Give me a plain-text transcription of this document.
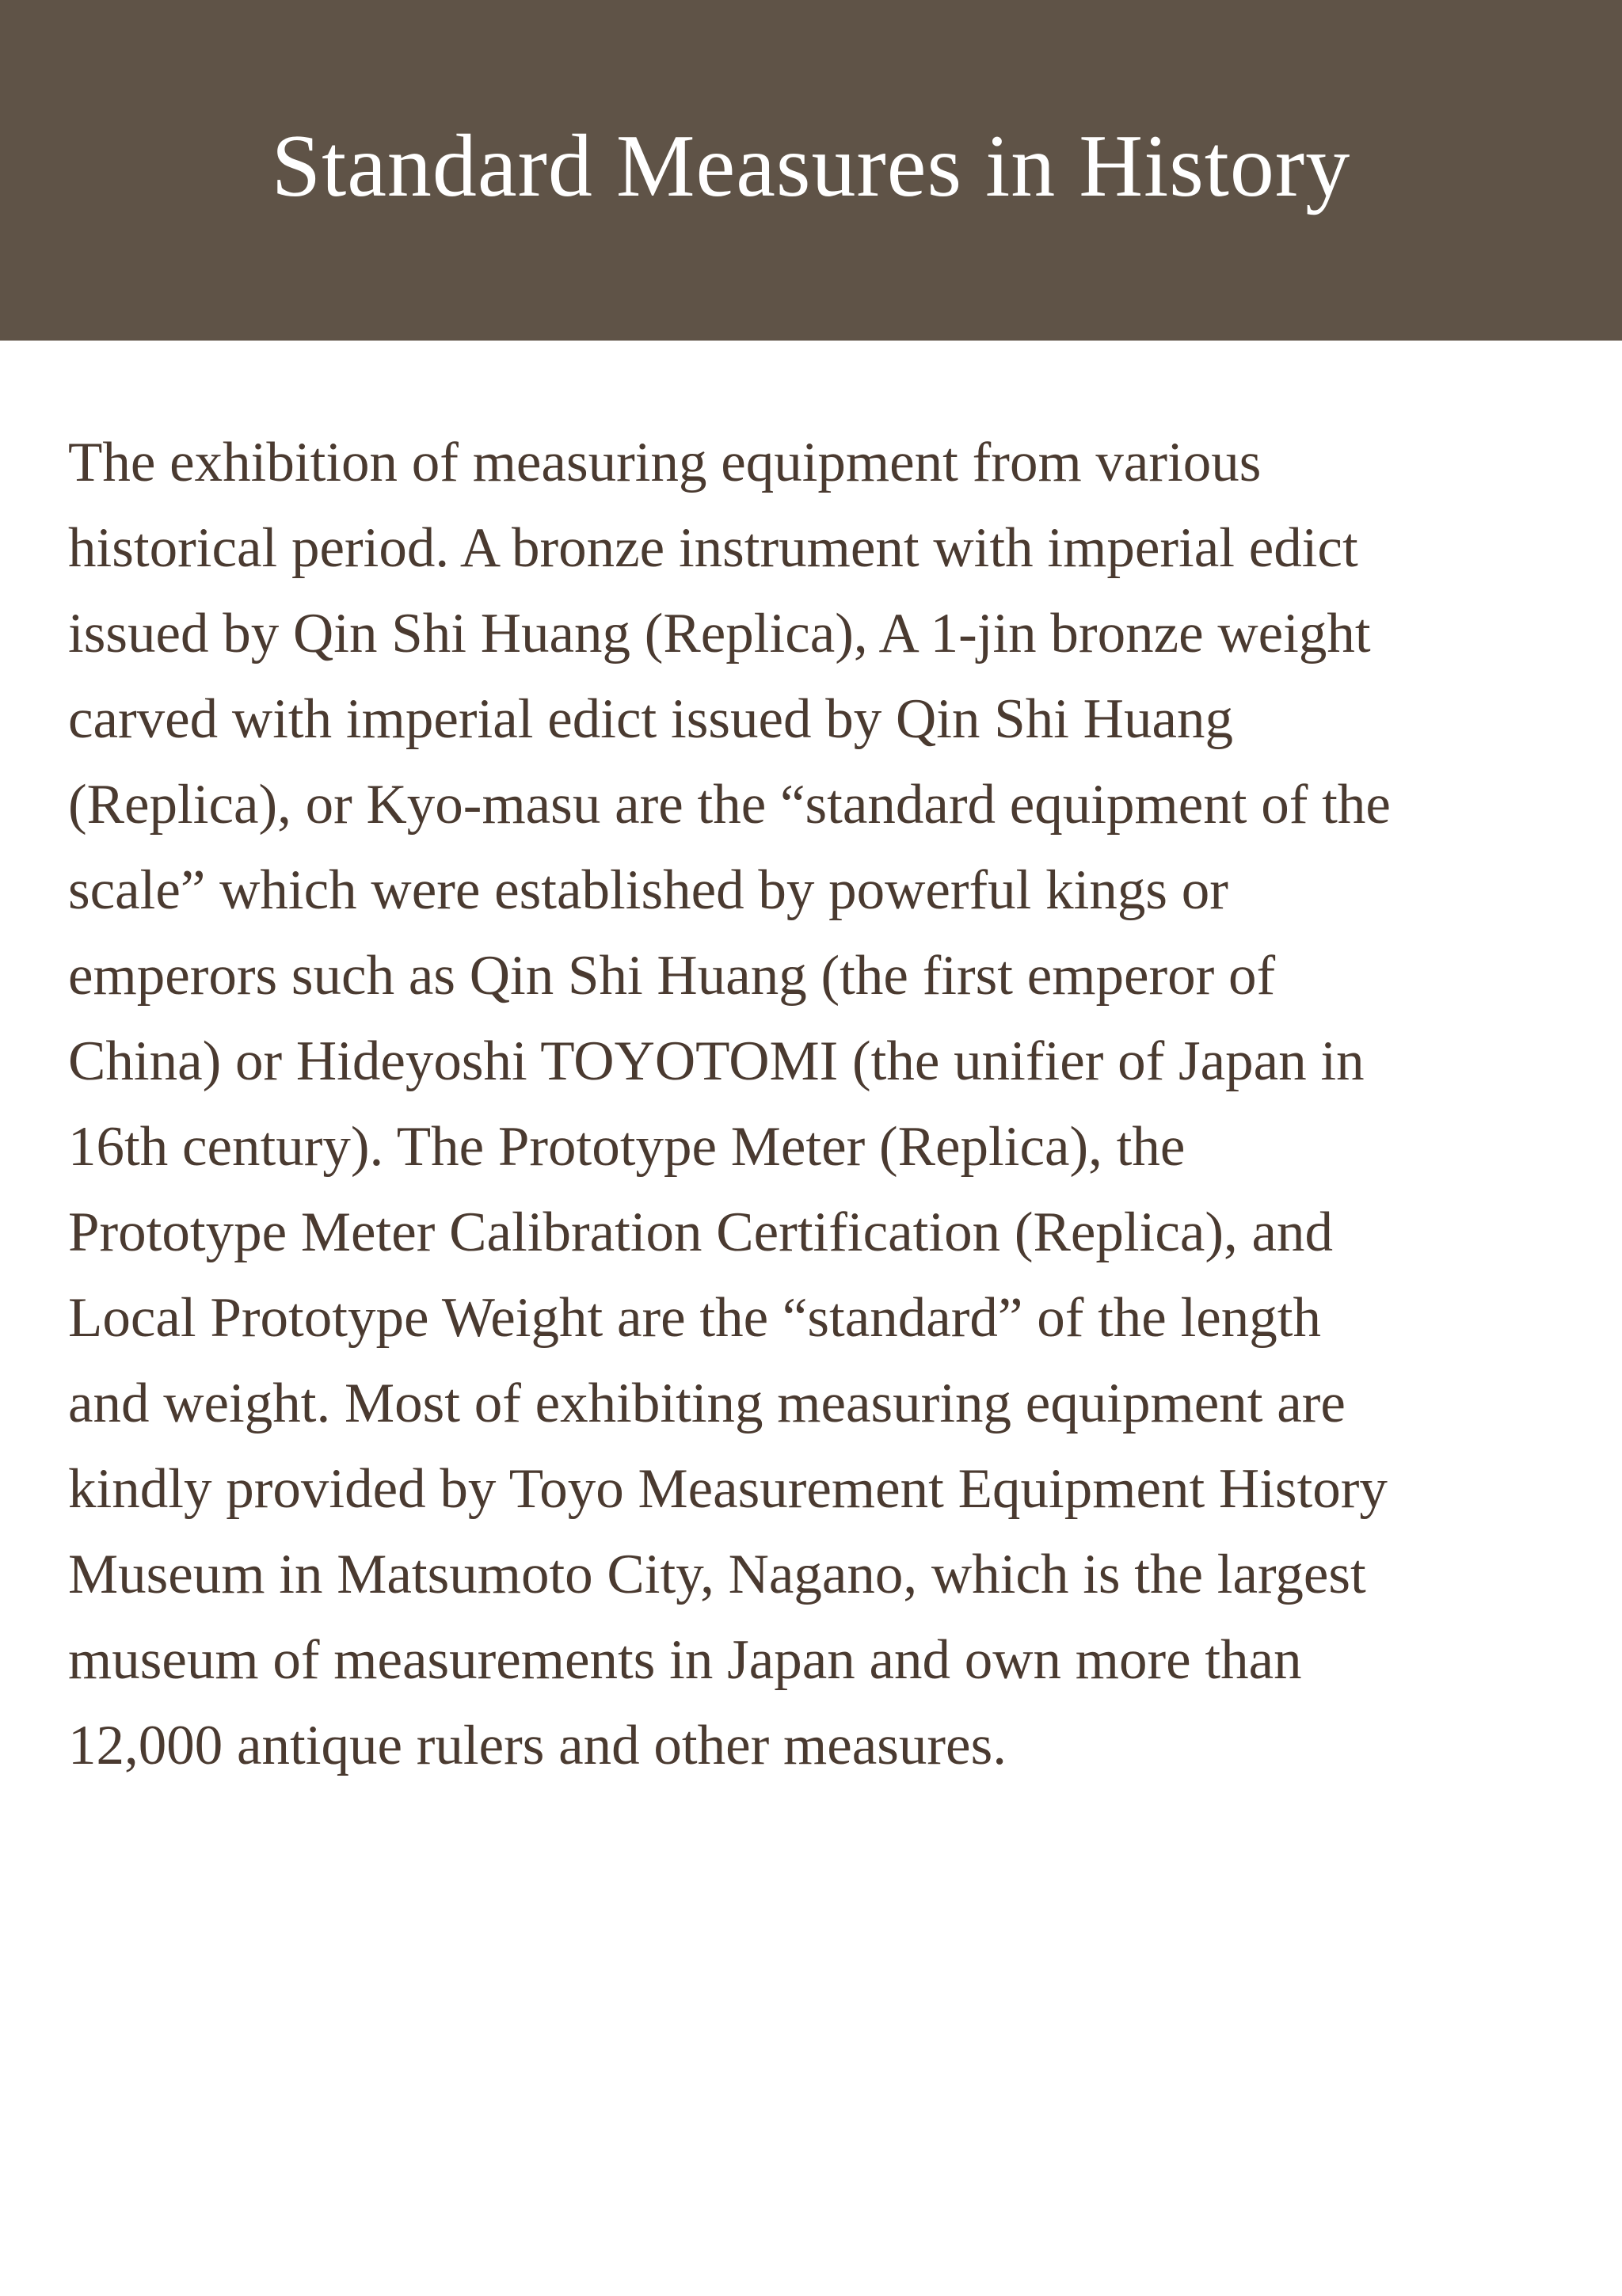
Standard Measures in History
The exhibition of measuring equipment from various
historical period. A bronze instrument with imperial edict
issued by Qin Shi Huang (Replica), A 1-jin bronze weight
carved with imperial edict issued by Qin Shi Huang
(Replica), or Kyo-masu are the “standard equipment of the
scale” which were established by powerful kings or
emperors such as Qin Shi Huang (the first emperor of
China) or Hideyoshi TOYOTOMI (the unifier of Japan in
16th century). The Prototype Meter (Replica), the
Prototype Meter Calibration Certification (Replica), and
Local Prototype Weight are the “standard” of the length
and weight. Most of exhibiting measuring equipment are
kindly provided by Toyo Measurement Equipment History
Museum in Matsumoto City, Nagano, which is the largest
museum of measurements in Japan and own more than
12,000 antique rulers and other measures.
